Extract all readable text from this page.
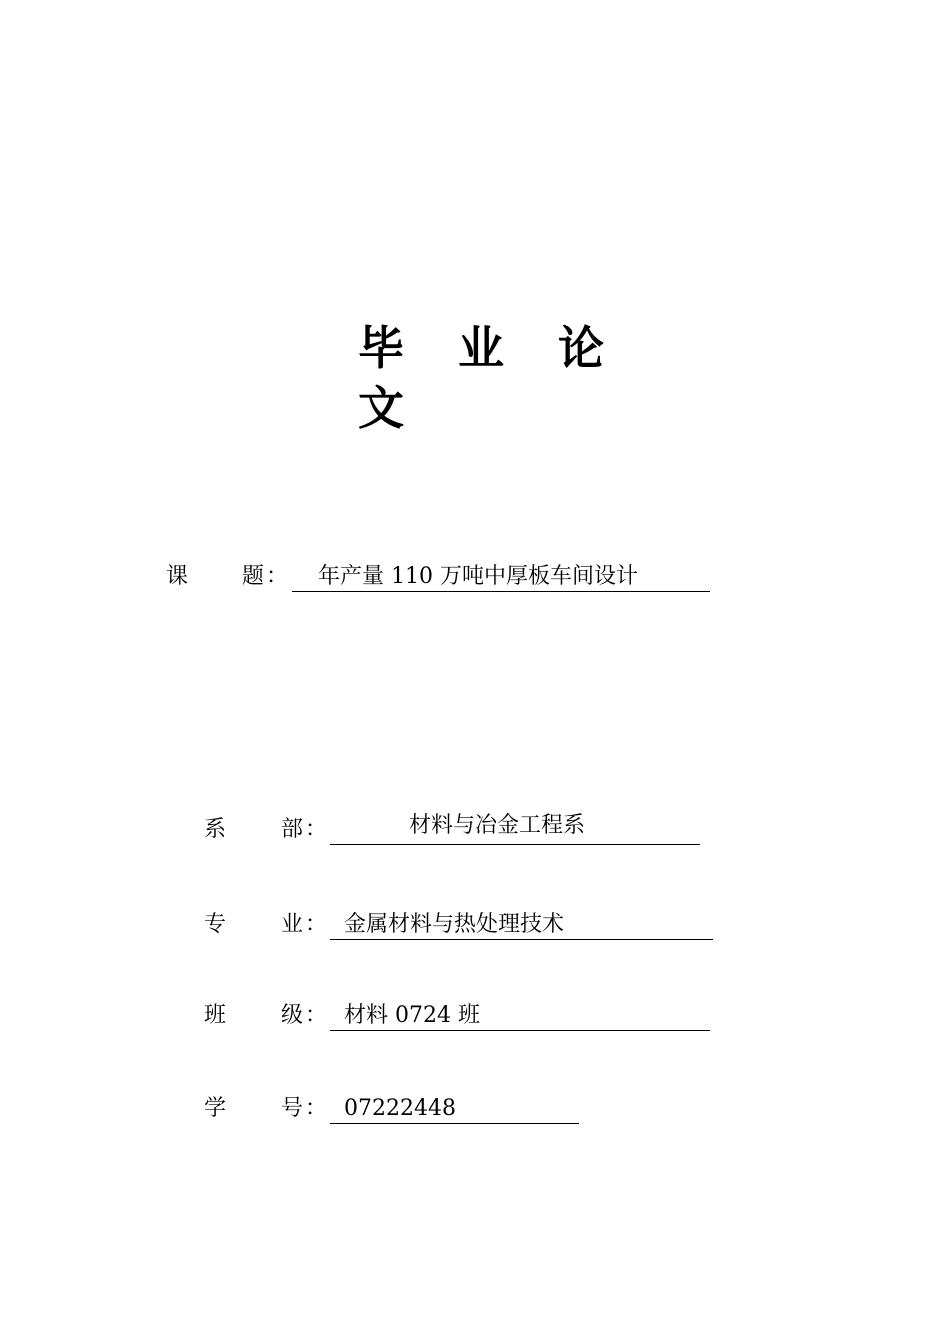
毕 业 论文
课 题 ： 年产量 110 万吨中厚板车间设计
系 部 ：	材料与冶金工程系
专 业 ： 金属材料与热处理技术
班 级 ： 材料 0724 班
学 号 ： 07222448
